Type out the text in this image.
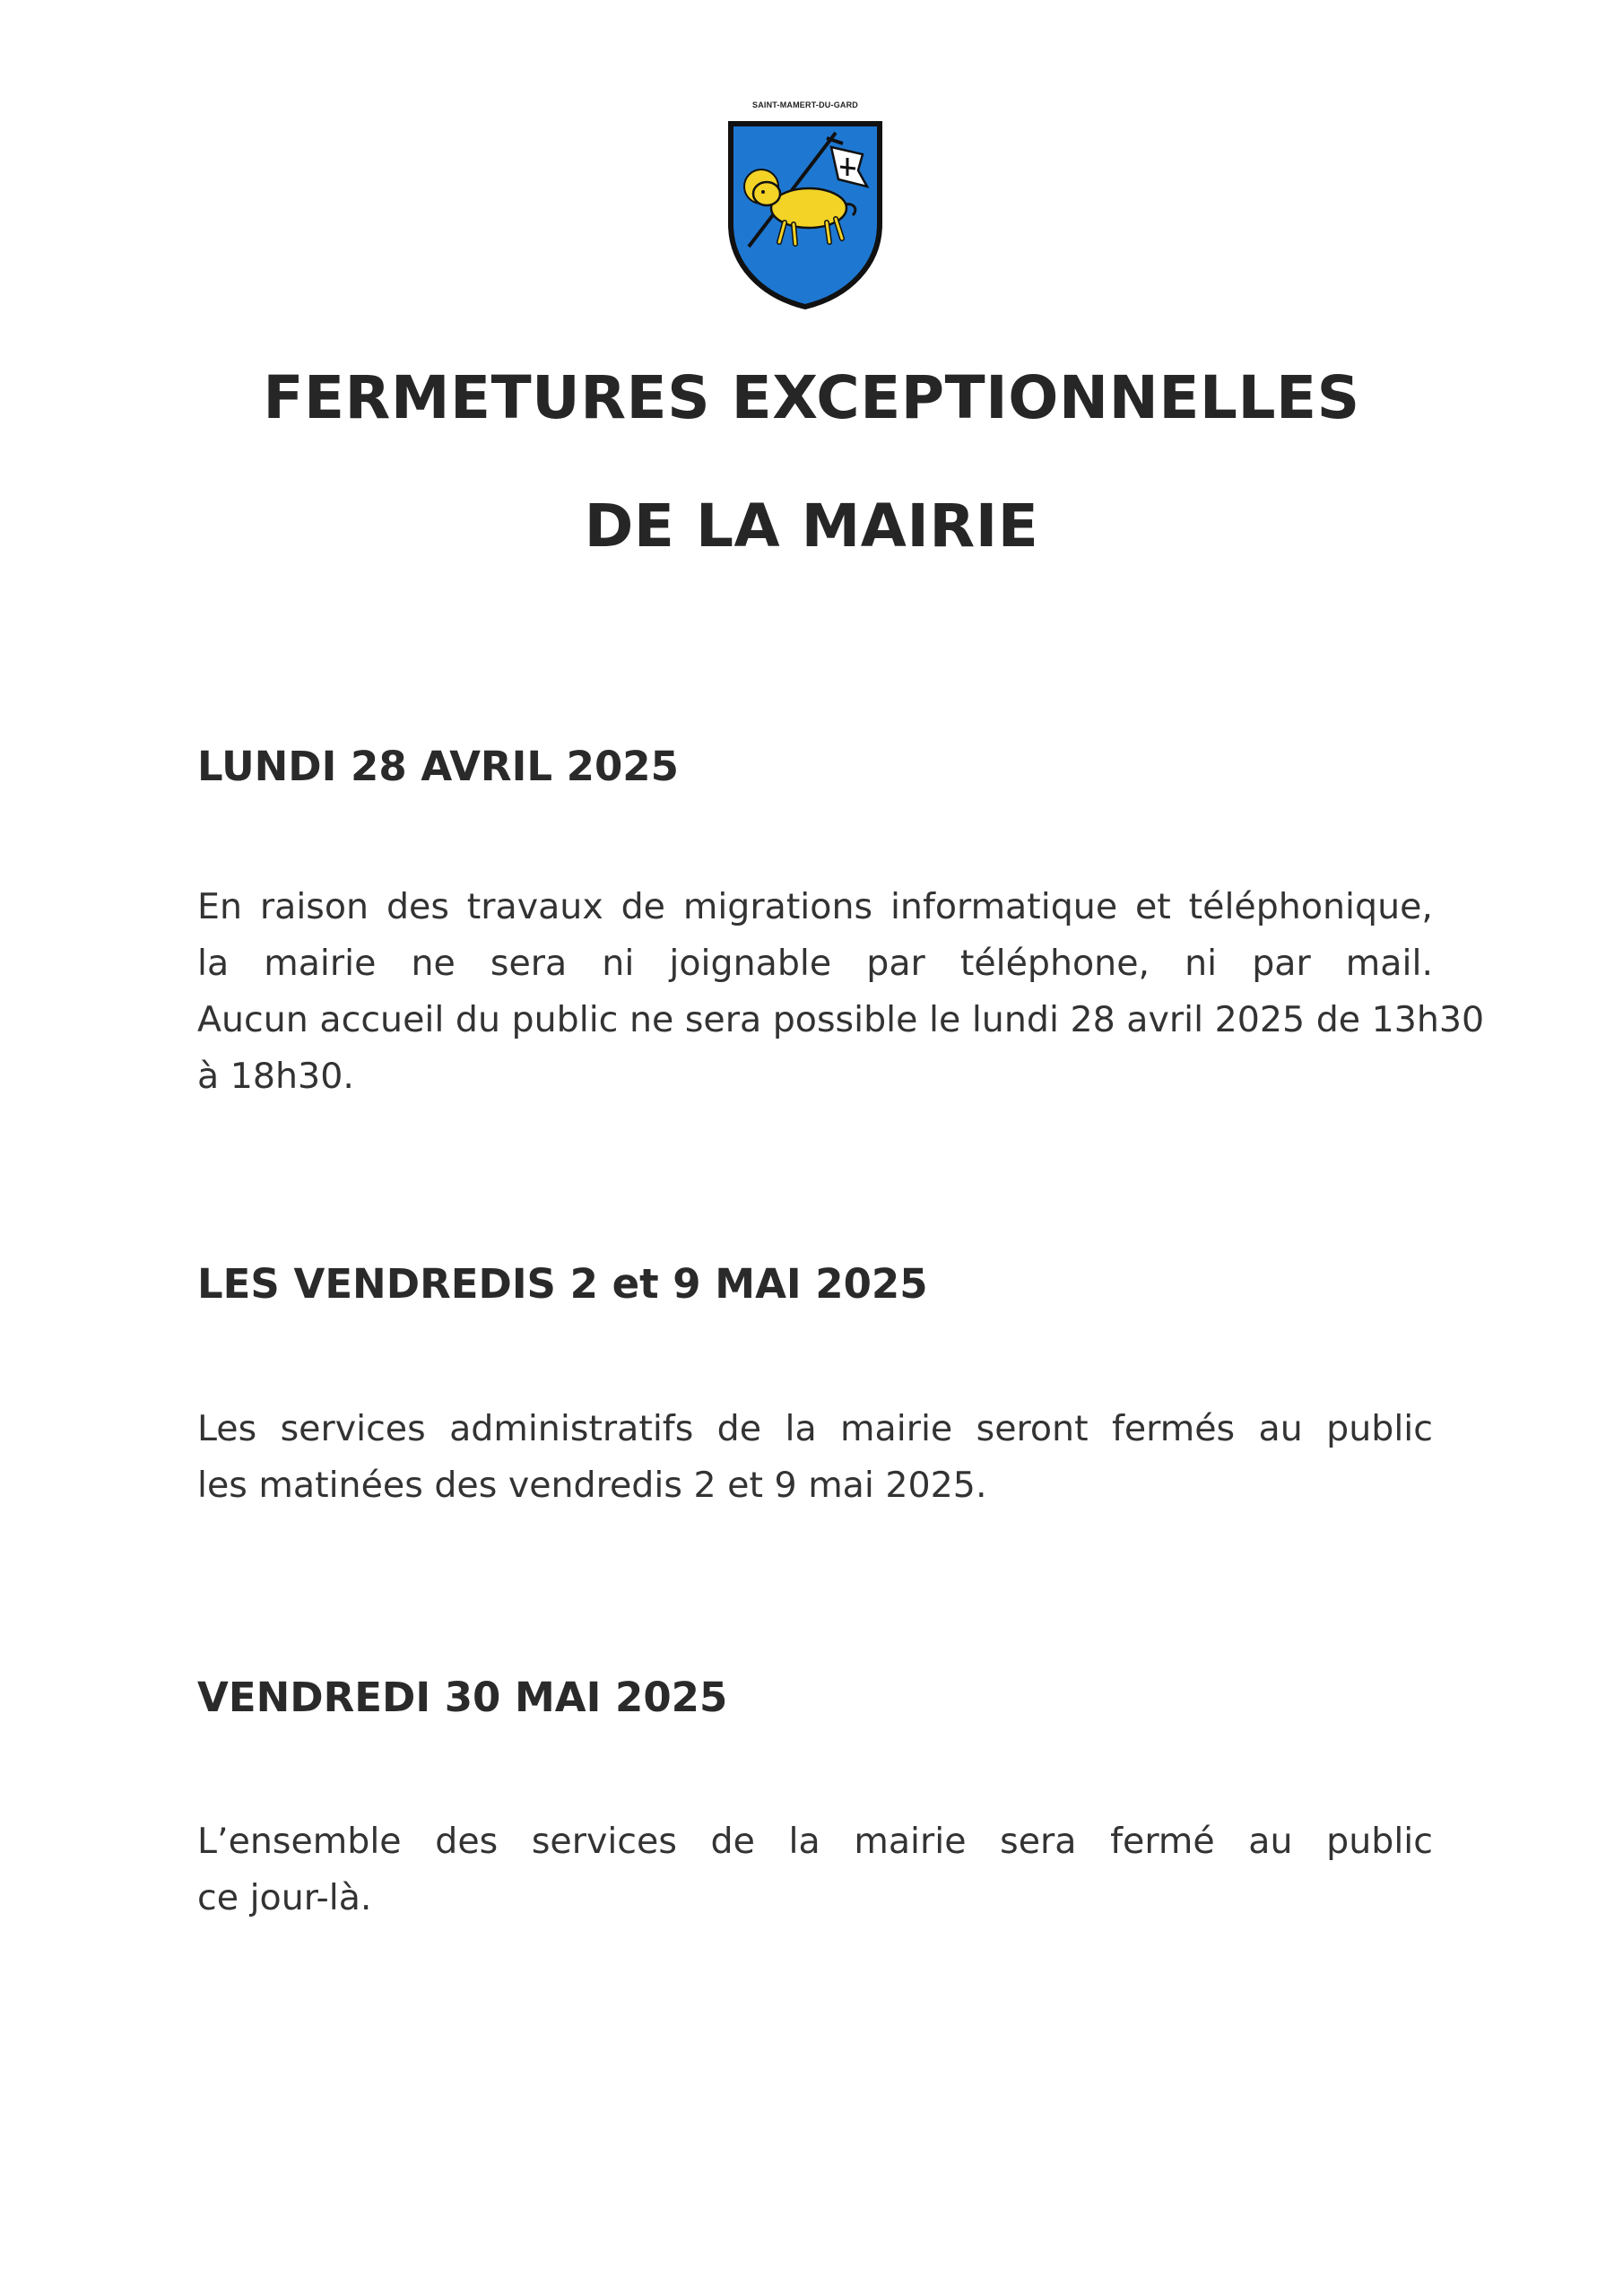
SAINT-MAMERT-DU-GARD
FERMETURES EXCEPTIONNELLES
DE LA MAIRIE
LUNDI 28 AVRIL 2025
En raison des travaux de migrations informatique et téléphonique,
la mairie ne sera ni joignable par téléphone, ni par mail.
Aucun accueil du public ne sera possible le lundi 28 avril 2025 de 13h30
à 18h30.
LES VENDREDIS 2 et 9 MAI 2025
Les services administratifs de la mairie seront fermés au public
les matinées des vendredis 2 et 9 mai 2025.
VENDREDI 30 MAI 2025
L’ensemble des services de la mairie sera fermé au public
ce jour-là.
